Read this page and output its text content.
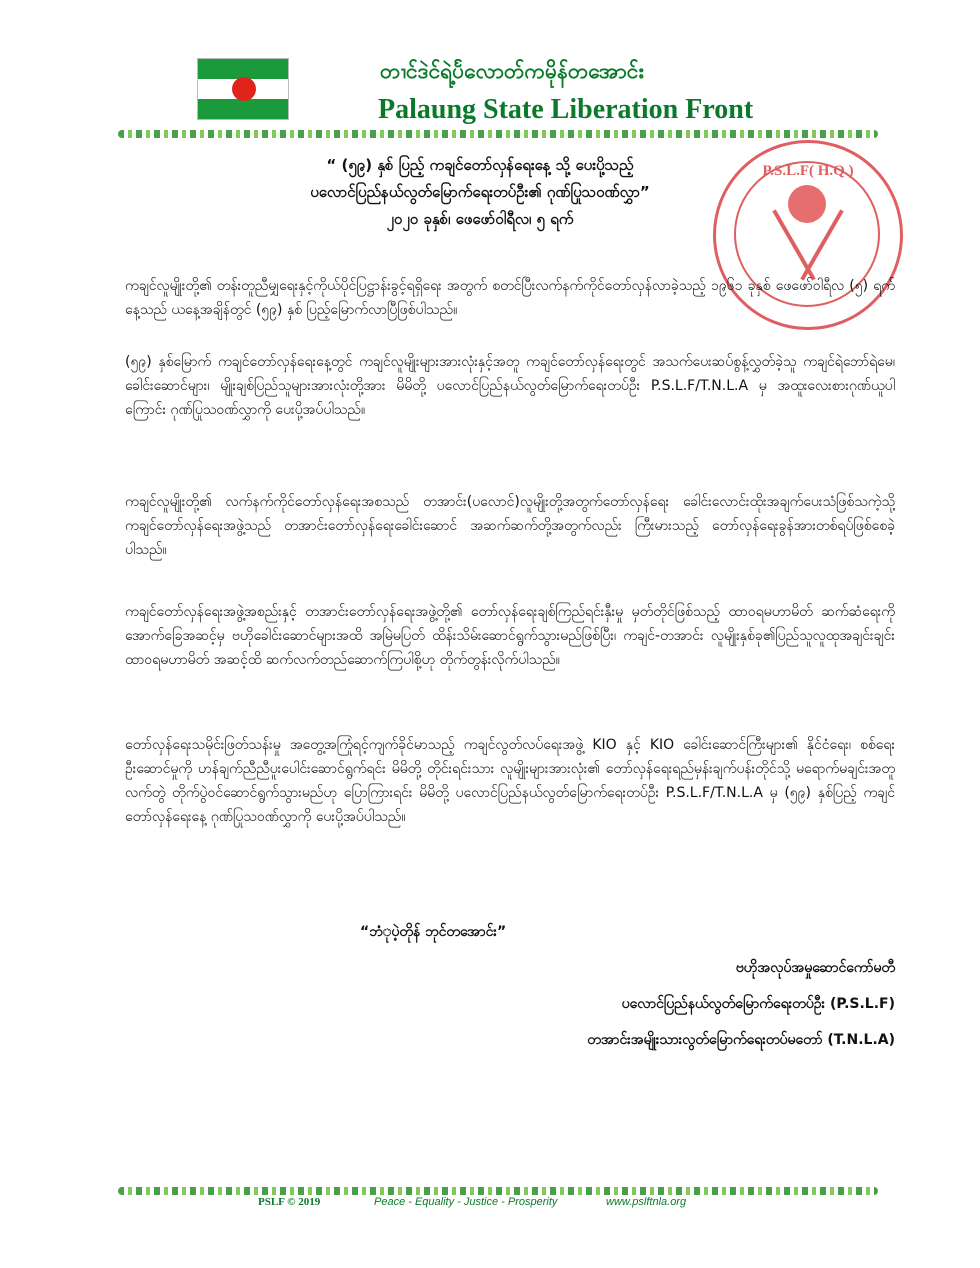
တၢင်ဒဲၚ်ရဲ့ပႅလောတ်ကမိုန်တအောင်း
Palaung State Liberation Front
“ (၅၉) နှစ် ပြည့် ကချင်တော်လှန်ရေးနေ့ သို့ ပေးပို့သည့်
ပလောင်ပြည်နယ်လွတ်မြောက်ရေးတပ်ဦး၏ ဂုဏ်ပြုသဝဏ်လွှာ”
၂၀၂၀ ခုနှစ်၊ ဖေဖော်ဝါရီလ၊ ၅ ရက်
P.S.L.F( H.Q )
ကချင်လူမျိုးတို့၏ တန်းတူညီမျှရေးနှင့်ကိုယ်ပိုင်ပြဋ္ဌာန်းခွင့်ရရှိရေး အတွက် စတင်ပြီးလက်နက်ကိုင်တော်လှန်လာခဲ့သည့် ၁၉၆၁ ခုနှစ် ဖေဖော်ဝါရီလ (၅) ရက်နေ့သည် ယနေ့အချိန်တွင် (၅၉) နှစ် ပြည့်မြောက်လာပြီဖြစ်ပါသည်။
(၅၉) နှစ်မြောက် ကချင်တော်လှန်ရေးနေ့တွင် ကချင်လူမျိုးများအားလုံးနှင့်အတူ ကချင်တော်လှန်ရေးတွင် အသက်ပေးဆပ်စွန့်လွှတ်ခဲ့သူ ကချင်ရဲဘော်ရဲမေ၊ ခေါင်းဆောင်များ၊ မျိုးချစ်ပြည်သူများအားလုံးတို့အား မိမိတို့ ပလောင်ပြည်နယ်လွတ်မြောက်ရေးတပ်ဦး P.S.L.F/T.N.L.A မှ အထူးလေးစားဂုဏ်ယူပါကြောင်း ဂုဏ်ပြုသဝဏ်လွှာကို ပေးပို့အပ်ပါသည်။
ကချင်လူမျိုးတို့၏ လက်နက်ကိုင်တော်လှန်ရေးအစသည် တအာင်း(ပလောင်)လူမျိုးတို့အတွက်တော်လှန်ရေး ခေါင်းလောင်းထိုးအချက်ပေးသံဖြစ်သကဲ့သို့ ကချင်တော်လှန်ရေးအဖွဲ့သည် တအာင်းတော်လှန်ရေးခေါင်းဆောင် အဆက်ဆက်တို့အတွက်လည်း ကြီးမားသည့် တော်လှန်ရေးခွန်အားတစ်ရပ်ဖြစ်စေခဲ့ပါသည်။
ကချင်တော်လှန်ရေးအဖွဲ့အစည်းနှင့် တအာင်းတော်လှန်ရေးအဖွဲ့တို့၏ တော်လှန်ရေးချစ်ကြည်ရင်းနှီးမှု မှတ်တိုင်ဖြစ်သည့် ထာဝရမဟာမိတ် ဆက်ဆံရေးကို အောက်ခြေအဆင့်မှ ဗဟိုခေါင်းဆောင်များအထိ အမြဲမပြတ် ထိန်းသိမ်းဆောင်ရွက်သွားမည်ဖြစ်ပြီး၊ ကချင်-တအာင်း လူမျိုးနှစ်ခု၏ပြည်သူလူထုအချင်းချင်း ထာဝရမဟာမိတ် အဆင့်ထိ ဆက်လက်တည်ဆောက်ကြပါစို့ဟု တိုက်တွန်းလိုက်ပါသည်။
တော်လှန်ရေးသမိုင်းဖြတ်သန်းမှု အတွေ့အကြုံရင့်ကျက်ခိုင်မာသည့် ကချင်လွတ်လပ်ရေးအဖွဲ့ KIO နှင့် KIO ခေါင်းဆောင်ကြီးများ၏ နိုင်ငံရေး၊ စစ်ရေး ဦးဆောင်မှုကို ဟန်ချက်ညီညီပူးပေါင်းဆောင်ရွက်ရင်း မိမိတို့ တိုင်းရင်းသား လူမျိုးများအားလုံး၏ တော်လှန်ရေးရည်မှန်းချက်ပန်းတိုင်သို့ မရောက်မချင်းအတူလက်တွဲ တိုက်ပွဲဝင်ဆောင်ရွက်သွားမည်ဟု ပြောကြားရင်း မိမိတို့ ပလောင်ပြည်နယ်လွတ်မြောက်ရေးတပ်ဦး P.S.L.F/T.N.L.A မှ (၅၉) နှစ်ပြည့် ကချင်တော်လှန်ရေးနေ့ ဂုဏ်ပြုသဝဏ်လွှာကို ပေးပို့အပ်ပါသည်။
“ဘံုပဲ့တိုန် ဘုင်တအောင်း”
ဗဟိုအလုပ်အမှုဆောင်ကော်မတီ
ပလောင်ပြည်နယ်လွတ်မြောက်ရေးတပ်ဦး (P.S.L.F)
တအာင်းအမျိုးသားလွတ်မြောက်ရေးတပ်မတော် (T.N.L.A)
PSLF © 2019	Peace - Equality - Justice - Prosperity	www.pslftnla.org
